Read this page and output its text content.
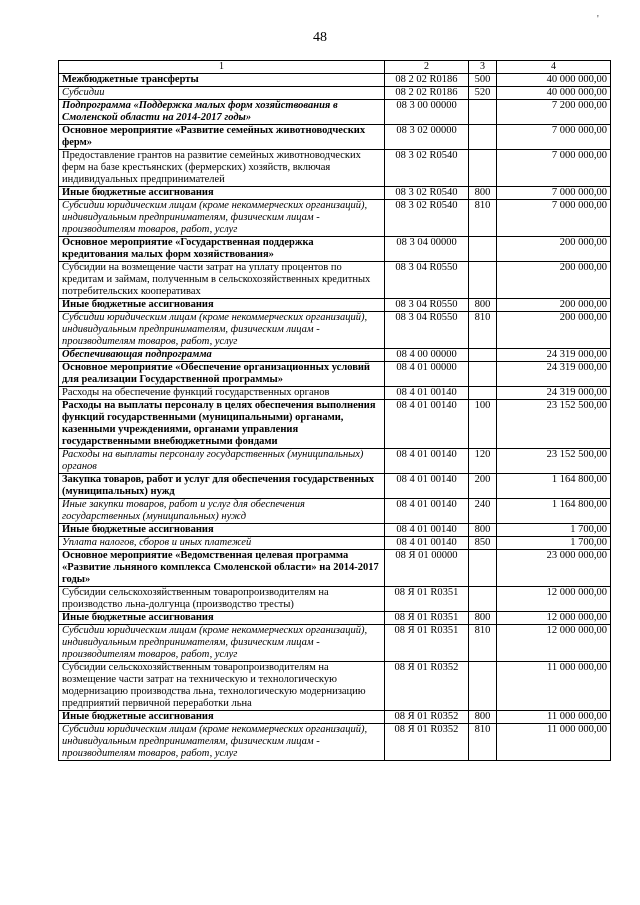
48
'
1	2	3	4
Межбюджетные трансферты	08 2 02 R0186	500	40 000 000,00
Субсидии	08 2 02 R0186	520	40 000 000,00
Подпрограмма «Поддержка малых форм хозяйствования в Смоленской области на 2014-2017 годы»	08 3 00 00000		7 200 000,00
Основное мероприятие «Развитие семейных животноводческих ферм»	08 3 02 00000		7 000 000,00
Предоставление грантов на развитие семейных животноводческих ферм на базе крестьянских (фермерских) хозяйств, включая индивидуальных предпринимателей	08 3 02 R0540		7 000 000,00
Иные бюджетные ассигнования	08 3 02 R0540	800	7 000 000,00
Субсидии юридическим лицам (кроме некоммерческих организаций), индивидуальным предпринимателям, физическим лицам - производителям товаров, работ, услуг	08 3 02 R0540	810	7 000 000,00
Основное мероприятие «Государственная поддержка кредитования малых форм хозяйствования»	08 3 04 00000		200 000,00
Субсидии на возмещение части затрат на уплату процентов по кредитам и займам, полученным в сельскохозяйственных кредитных потребительских кооперативах	08 3 04 R0550		200 000,00
Иные бюджетные ассигнования	08 3 04 R0550	800	200 000,00
Субсидии юридическим лицам (кроме некоммерческих организаций), индивидуальным предпринимателям, физическим лицам - производителям товаров, работ, услуг	08 3 04 R0550	810	200 000,00
Обеспечивающая подпрограмма	08 4 00 00000		24 319 000,00
Основное мероприятие «Обеспечение организационных условий для реализации Государственной программы»	08 4 01 00000		24 319 000,00
Расходы на обеспечение функций государственных органов	08 4 01 00140		24 319 000,00
Расходы на выплаты персоналу в целях обеспечения выполнения функций государственными (муниципальными) органами, казенными учреждениями, органами управления государственными внебюджетными фондами	08 4 01 00140	100	23 152 500,00
Расходы на выплаты персоналу государственных (муниципальных) органов	08 4 01 00140	120	23 152 500,00
Закупка товаров, работ и услуг для обеспечения государственных (муниципальных) нужд	08 4 01 00140	200	1 164 800,00
Иные закупки товаров, работ и услуг для обеспечения государственных (муниципальных) нужд	08 4 01 00140	240	1 164 800,00
Иные бюджетные ассигнования	08 4 01 00140	800	1 700,00
Уплата налогов, сборов и иных платежей	08 4 01 00140	850	1 700,00
Основное мероприятие «Ведомственная целевая программа «Развитие льняного комплекса Смоленской области» на 2014-2017 годы»	08 Я 01 00000		23 000 000,00
Субсидии сельскохозяйственным товаропроизводителям на производство льна-долгунца (производство тресты)	08 Я 01 R0351		12 000 000,00
Иные бюджетные ассигнования	08 Я 01 R0351	800	12 000 000,00
Субсидии юридическим лицам (кроме некоммерческих организаций), индивидуальным предпринимателям, физическим лицам - производителям товаров, работ, услуг	08 Я 01 R0351	810	12 000 000,00
Субсидии сельскохозяйственным товаропроизводителям на возмещение части затрат на техническую и технологическую модернизацию производства льна, технологическую модернизацию предприятий первичной переработки льна	08 Я 01 R0352		11 000 000,00
Иные бюджетные ассигнования	08 Я 01 R0352	800	11 000 000,00
Субсидии юридическим лицам (кроме некоммерческих организаций), индивидуальным предпринимателям, физическим лицам - производителям товаров, работ, услуг	08 Я 01 R0352	810	11 000 000,00
